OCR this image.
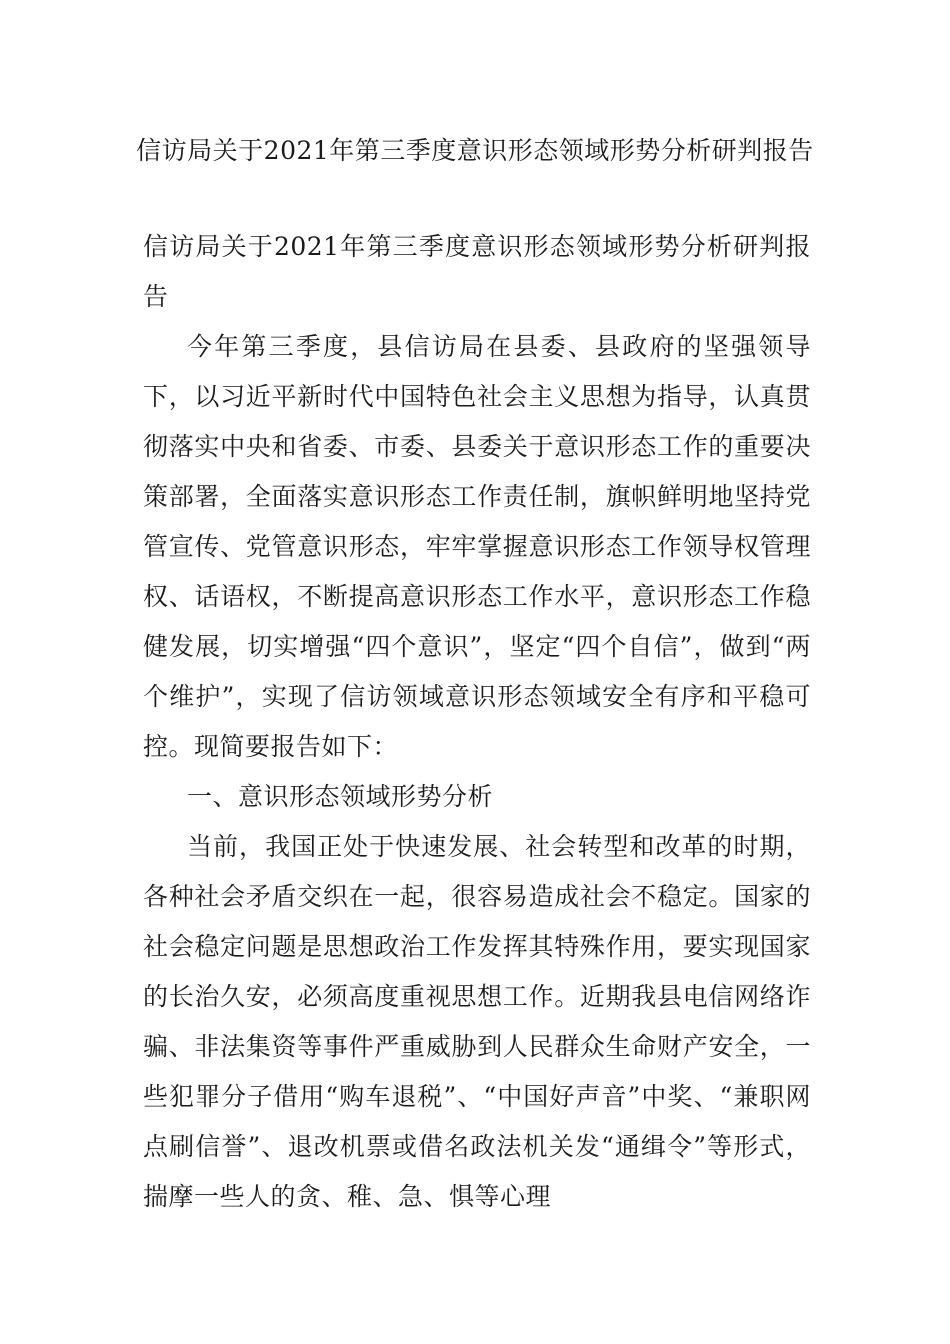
信访局关于2021年第三季度意识形态领域形势分析研判报告

信访局关于2021年第三季度意识形态领域形势分析研判报告

今年第三季度，县信访局在县委、县政府的坚强领导下，以习近平新时代中国特色社会主义思想为指导，认真贯彻落实中央和省委、市委、县委关于意识形态工作的重要决策部署，全面落实意识形态工作责任制，旗帜鲜明地坚持党管宣传、党管意识形态，牢牢掌握意识形态工作领导权管理权、话语权，不断提高意识形态工作水平，意识形态工作稳健发展，切实增强“四个意识”，坚定“四个自信”，做到“两个维护”，实现了信访领域意识形态领域安全有序和平稳可控。现简要报告如下：

一、意识形态领域形势分析

当前，我国正处于快速发展、社会转型和改革的时期，各种社会矛盾交织在一起，很容易造成社会不稳定。国家的社会稳定问题是思想政治工作发挥其特殊作用，要实现国家的长治久安，必须高度重视思想工作。近期我县电信网络诈骗、非法集资等事件严重威胁到人民群众生命财产安全，一些犯罪分子借用“购车退税”、“中国好声音”中奖、“兼职网点刷信誉”、退改机票或借名政法机关发“通缉令”等形式，揣摩一些人的贪、稚、急、惧等心理
